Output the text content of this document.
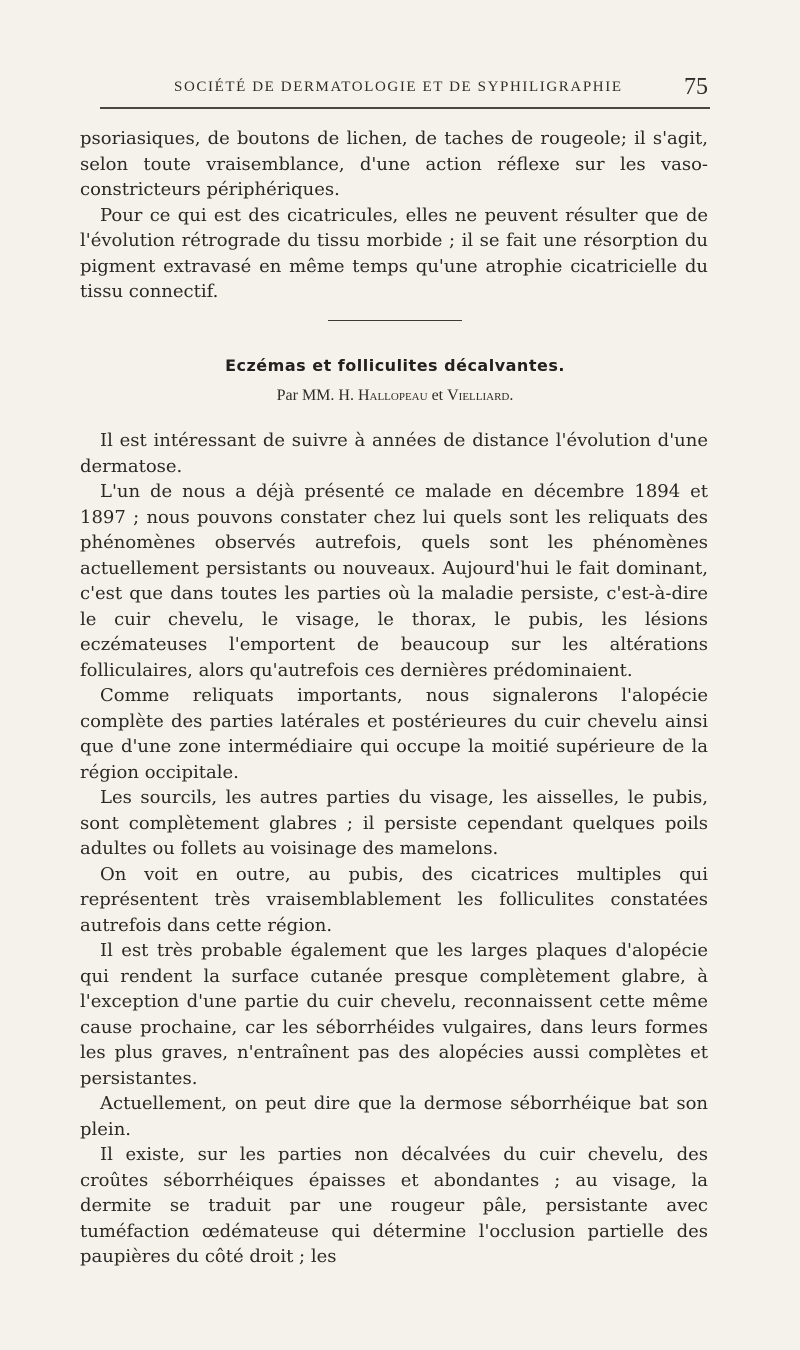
SOCIÉTÉ DE DERMATOLOGIE ET DE SYPHILIGRAPHIE	75

psoriasiques, de boutons de lichen, de taches de rougeole; il s'agit, selon toute vraisemblance, d'une action réflexe sur les vaso-constricteurs périphériques.

Pour ce qui est des cicatricules, elles ne peuvent résulter que de l'évolution rétrograde du tissu morbide ; il se fait une résorption du pigment extravasé en même temps qu'une atrophie cicatricielle du tissu connectif.

Eczémas et folliculites décalvantes.
Par MM. H. Hallopeau et Vielliard.

Il est intéressant de suivre à années de distance l'évolution d'une dermatose.

L'un de nous a déjà présenté ce malade en décembre 1894 et 1897 ; nous pouvons constater chez lui quels sont les reliquats des phénomènes observés autrefois, quels sont les phénomènes actuellement persistants ou nouveaux. Aujourd'hui le fait dominant, c'est que dans toutes les parties où la maladie persiste, c'est-à-dire le cuir chevelu, le visage, le thorax, le pubis, les lésions eczémateuses l'emportent de beaucoup sur les altérations folliculaires, alors qu'autrefois ces dernières prédominaient.

Comme reliquats importants, nous signalerons l'alopécie complète des parties latérales et postérieures du cuir chevelu ainsi que d'une zone intermédiaire qui occupe la moitié supérieure de la région occipitale.

Les sourcils, les autres parties du visage, les aisselles, le pubis, sont complètement glabres ; il persiste cependant quelques poils adultes ou follets au voisinage des mamelons.

On voit en outre, au pubis, des cicatrices multiples qui représentent très vraisemblablement les folliculites constatées autrefois dans cette région.

Il est très probable également que les larges plaques d'alopécie qui rendent la surface cutanée presque complètement glabre, à l'exception d'une partie du cuir chevelu, reconnaissent cette même cause prochaine, car les séborrhéides vulgaires, dans leurs formes les plus graves, n'entraînent pas des alopécies aussi complètes et persistantes.

Actuellement, on peut dire que la dermose séborrhéique bat son plein.

Il existe, sur les parties non décalvées du cuir chevelu, des croûtes séborrhéiques épaisses et abondantes ; au visage, la dermite se traduit par une rougeur pâle, persistante avec tuméfaction œdémateuse qui détermine l'occlusion partielle des paupières du côté droit ; les
